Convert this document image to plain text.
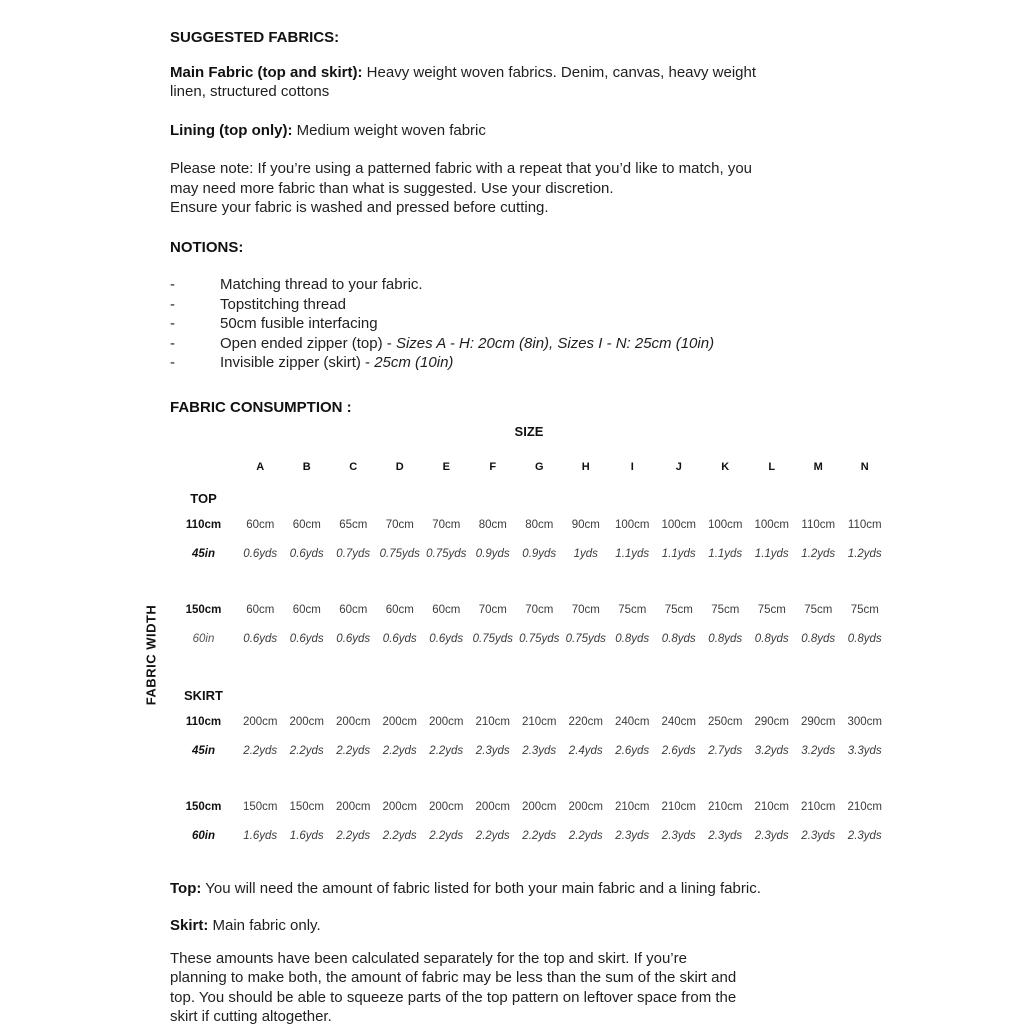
FABRIC WIDTH
SUGGESTED FABRICS:

Main Fabric (top and skirt): Heavy weight woven fabrics. Denim, canvas, heavy weight
linen, structured cottons

Lining (top only): Medium weight woven fabric

Please note: If you’re using a patterned fabric with a repeat that you’d like to match, you
may need more fabric than what is suggested. Use your discretion.
Ensure your fabric is washed and pressed before cutting.

NOTIONS:
-	Matching thread to your fabric.
-	Topstitching thread
-	50cm fusible interfacing
-	Open ended zipper (top) - Sizes A - H: 20cm (8in), Sizes I - N: 25cm (10in)
-	Invisible zipper (skirt) - 25cm (10in)
FABRIC CONSUMPTION :
SIZE
A	B	C	D	E	F	G	H	I	J	K	L	M	N
TOP
110cm	60cm	60cm	65cm	70cm	70cm	80cm	80cm	90cm	100cm	100cm	100cm	100cm	110cm	110cm
45in	0.6yds	0.6yds	0.7yds 0.75yds 0.75yds 0.9yds	0.9yds	1yds	1.1yds	1.1yds	1.1yds	1.1yds	1.2yds	1.2yds
150cm	60cm	60cm	60cm	60cm	60cm	70cm	70cm	70cm	75cm	75cm	75cm	75cm	75cm	75cm
60in	0.6yds	0.6yds	0.6yds	0.6yds	0.6yds 0.75yds 0.75yds 0.75yds 0.8yds	0.8yds	0.8yds	0.8yds	0.8yds	0.8yds
SKIRT
110cm	200cm	200cm	200cm	200cm	200cm	210cm	210cm	220cm	240cm	240cm	250cm	290cm	290cm	300cm
45in	2.2yds	2.2yds	2.2yds	2.2yds	2.2yds	2.3yds	2.3yds	2.4yds	2.6yds	2.6yds	2.7yds	3.2yds	3.2yds	3.3yds
150cm	150cm	150cm	200cm	200cm	200cm	200cm	200cm	200cm	210cm	210cm	210cm	210cm	210cm	210cm
60in	1.6yds	1.6yds	2.2yds	2.2yds	2.2yds	2.2yds	2.2yds	2.2yds	2.3yds	2.3yds	2.3yds	2.3yds	2.3yds	2.3yds

Top: You will need the amount of fabric listed for both your main fabric and a lining fabric.

Skirt: Main fabric only.

These amounts have been calculated separately for the top and skirt. If you’re
planning to make both, the amount of fabric may be less than the sum of the skirt and
top. You should be able to squeeze parts of the top pattern on leftover space from the
skirt if cutting altogether.
